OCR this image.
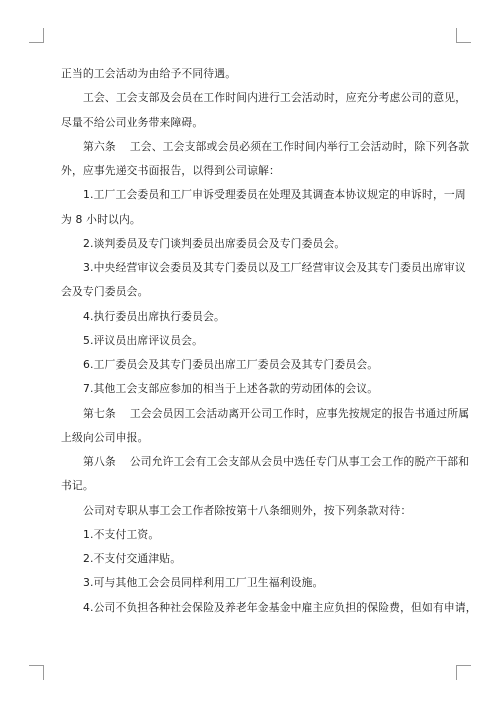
正当的工会活动为由给予不同待遇。

工会、工会支部及会员在工作时间内进行工会活动时，应充分考虑公司的意见，

尽量不给公司业务带来障碍。

第六条 工会、工会支部或会员必须在工作时间内举行工会活动时，除下列各款

外，应事先递交书面报告，以得到公司谅解：

1.工厂工会委员和工厂申诉受理委员在处理及其调查本协议规定的申诉时，一周

为 8 小时以内。

2.谈判委员及专门谈判委员出席委员会及专门委员会。

3.中央经营审议会委员及其专门委员以及工厂经营审议会及其专门委员出席审议

会及专门委员会。

4.执行委员出席执行委员会。

5.评议员出席评议员会。

6.工厂委员会及其专门委员出席工厂委员会及其专门委员会。

7.其他工会支部应参加的相当于上述各款的劳动团体的会议。

第七条 工会会员因工会活动离开公司工作时，应事先按规定的报告书通过所属

上级向公司申报。

第八条 公司允许工会有工会支部从会员中选任专门从事工会工作的脱产干部和

书记。

公司对专职从事工会工作者除按第十八条细则外，按下列条款对待：

1.不支付工资。

2.不支付交通津贴。

3.可与其他工会会员同样利用工厂卫生福利设施。

4.公司不负担各种社会保险及养老年金基金中雇主应负担的保险费，但如有申请，
